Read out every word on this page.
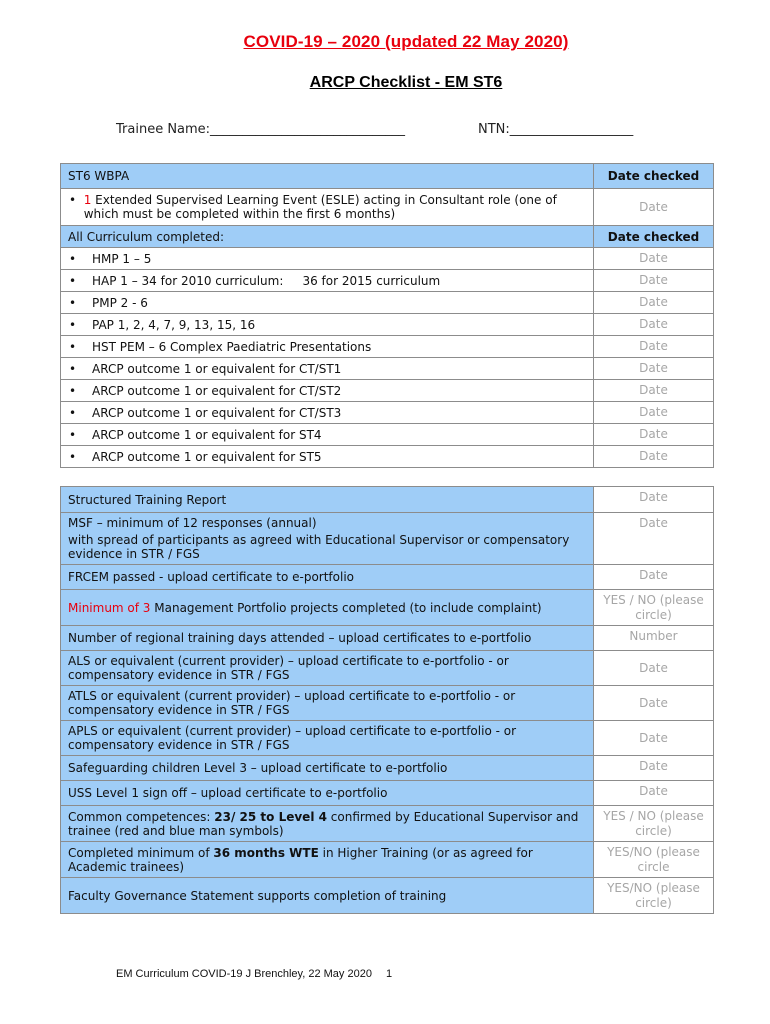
COVID-19 – 2020 (updated 22 May 2020)
ARCP Checklist - EM ST6
Trainee Name:______________________________	NTN:___________________
ST6 WBPA	Date checked

• 1 Extended Supervised Learning Event (ESLE) acting in Consultant role (one of which must be completed within the first 6 months)	Date
All Curriculum completed:	Date checked

• HMP 1 – 5	Date

• HAP 1 – 34 for 2010 curriculum:     36 for 2015 curriculum	Date

• PMP 2 - 6	Date

• PAP 1, 2, 4, 7, 9, 13, 15, 16	Date

• HST PEM – 6 Complex Paediatric Presentations	Date

• ARCP outcome 1 or equivalent for CT/ST1	Date

• ARCP outcome 1 or equivalent for CT/ST2	Date

• ARCP outcome 1 or equivalent for CT/ST3	Date

• ARCP outcome 1 or equivalent for ST4	Date

• ARCP outcome 1 or equivalent for ST5	Date
Structured Training Report	Date

MSF – minimum of 12 responses (annual)
with spread of participants as agreed with Educational Supervisor or compensatory evidence in STR / FGS	Date
FRCEM passed - upload certificate to e-portfolio	Date
Minimum of 3 Management Portfolio projects completed (to include complaint)	YES / NO (please circle)
Number of regional training days attended – upload certificates to e-portfolio	Number
ALS or equivalent (current provider) – upload certificate to e-portfolio - or compensatory evidence in STR / FGS	Date
ATLS or equivalent (current provider) – upload certificate to e-portfolio - or compensatory evidence in STR / FGS	Date
APLS or equivalent (current provider) – upload certificate to e-portfolio - or compensatory evidence in STR / FGS	Date
Safeguarding children Level 3 – upload certificate to e-portfolio	Date
USS Level 1 sign off – upload certificate to e-portfolio	Date
Common competences: 23/ 25 to Level 4 confirmed by Educational Supervisor and trainee (red and blue man symbols)	YES / NO (please circle)
Completed minimum of 36 months WTE in Higher Training (or as agreed for Academic trainees)	YES/NO (please circle
Faculty Governance Statement supports completion of training	YES/NO (please circle)
EM Curriculum COVID-19 J Brenchley, 22 May 2020 1
